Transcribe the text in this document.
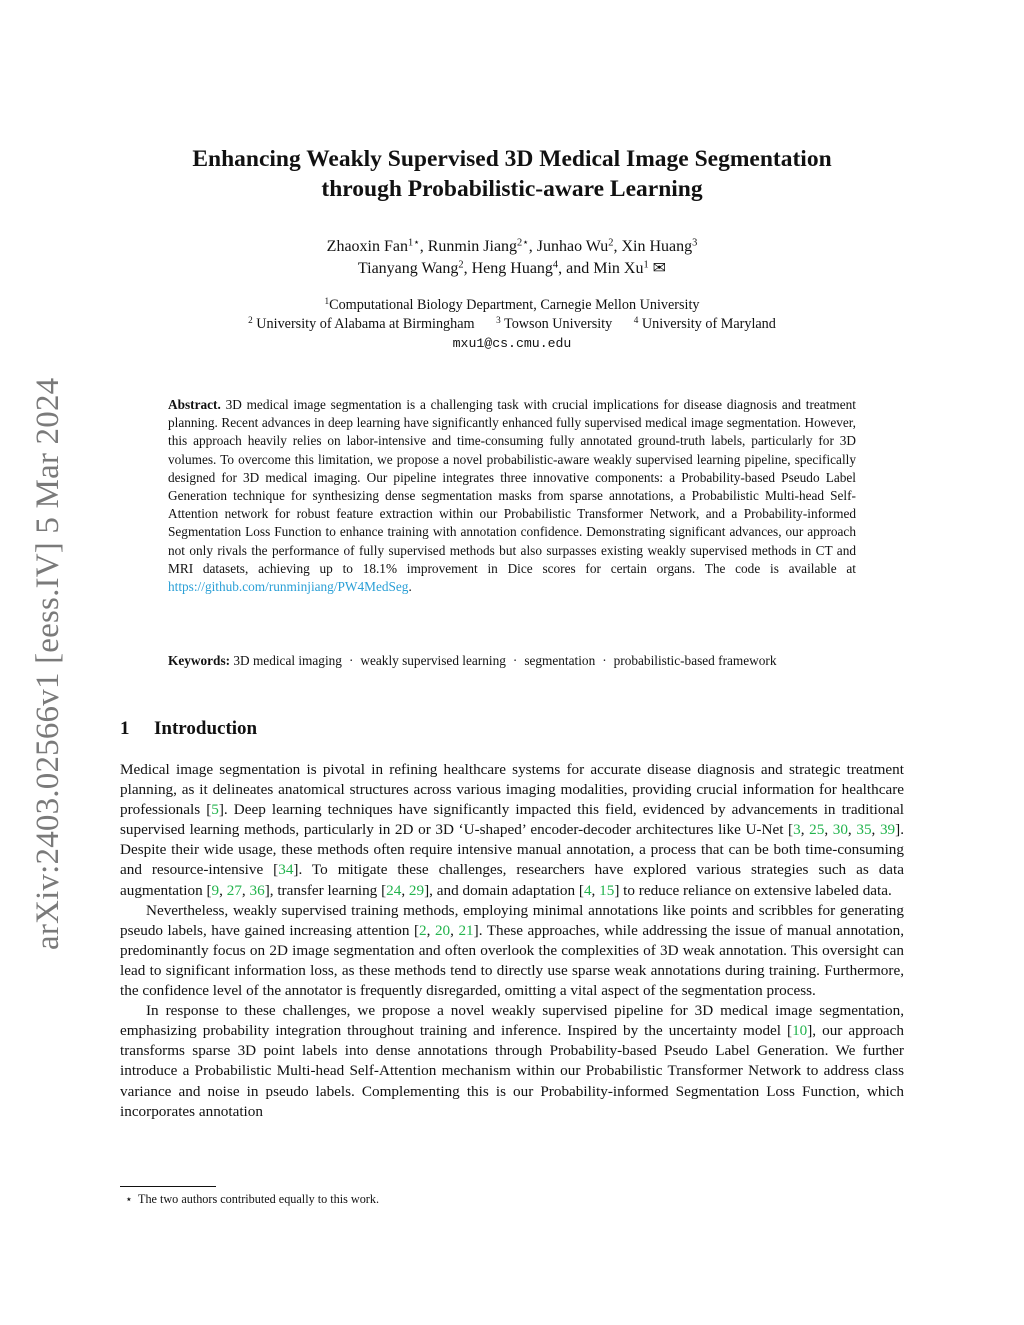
arXiv:2403.02566v1 [eess.IV] 5 Mar 2024
Enhancing Weakly Supervised 3D Medical Image Segmentation
through Probabilistic-aware Learning
Zhaoxin Fan$^{1⋆}$, Runmin Jiang$^{2⋆}$, Junhao Wu$^2$, Xin Huang$^3$
Tianyang Wang$^2$, Heng Huang$^4$, and Min Xu$^1$ ✉
$^1$Computational Biology Department, Carnegie Mellon University
$^2$ University of Alabama at Birmingham $^3$ Towson University $^4$ University of Maryland
mxu1@cs.cmu.edu

Abstract. 3D medical image segmentation is a challenging task with crucial implications for disease diagnosis and treatment planning. Recent advances in deep learning have significantly enhanced fully supervised medical image segmentation. However, this approach heavily relies on labor-intensive and time-consuming fully annotated ground-truth labels, particularly for 3D volumes. To overcome this limitation, we propose a novel probabilistic-aware weakly supervised learning pipeline, specifically designed for 3D medical imaging. Our pipeline integrates three innovative components: a Probability-based Pseudo Label Generation technique for synthesizing dense segmentation masks from sparse annotations, a Probabilistic Multi-head Self-Attention network for robust feature extraction within our Probabilistic Transformer Network, and a Probability-informed Segmentation Loss Function to enhance training with annotation confidence. Demonstrating significant advances, our approach not only rivals the performance of fully supervised methods but also surpasses existing weakly supervised methods in CT and MRI datasets, achieving up to 18.1% improvement in Dice scores for certain organs. The code is available at https://github.com/runminjiang/PW4MedSeg.

Keywords: 3D medical imaging · weakly supervised learning · segmentation · probabilistic-based framework

1 Introduction

Medical image segmentation is pivotal in refining healthcare systems for accurate disease diagnosis and strategic treatment planning, as it delineates anatomical structures across various imaging modalities, providing crucial information for healthcare professionals [5]. Deep learning techniques have significantly impacted this field, evidenced by advancements in traditional supervised learning methods, particularly in 2D or 3D ‘U-shaped’ encoder-decoder architectures like U-Net [3, 25, 30, 35, 39]. Despite their wide usage, these methods often require intensive manual annotation, a process that can be both time-consuming and resource-intensive [34]. To mitigate these challenges, researchers have explored various strategies such as data augmentation [9, 27, 36], transfer learning [24, 29], and domain adaptation [4, 15] to reduce reliance on extensive labeled data.

Nevertheless, weakly supervised training methods, employing minimal annotations like points and scribbles for generating pseudo labels, have gained increasing attention [2, 20, 21]. These approaches, while addressing the issue of manual annotation, predominantly focus on 2D image segmentation and often overlook the complexities of 3D weak annotation. This oversight can lead to significant information loss, as these methods tend to directly use sparse weak annotations during training. Furthermore, the confidence level of the annotator is frequently disregarded, omitting a vital aspect of the segmentation process.

In response to these challenges, we propose a novel weakly supervised pipeline for 3D medical image segmentation, emphasizing probability integration throughout training and inference. Inspired by the uncertainty model [10], our approach transforms sparse 3D point labels into dense annotations through Probability-based Pseudo Label Generation. We further introduce a Probabilistic Multi-head Self-Attention mechanism within our Probabilistic Transformer Network to address class variance and noise in pseudo labels. Complementing this is our Probability-informed Segmentation Loss Function, which incorporates annotation

⋆ The two authors contributed equally to this work.
